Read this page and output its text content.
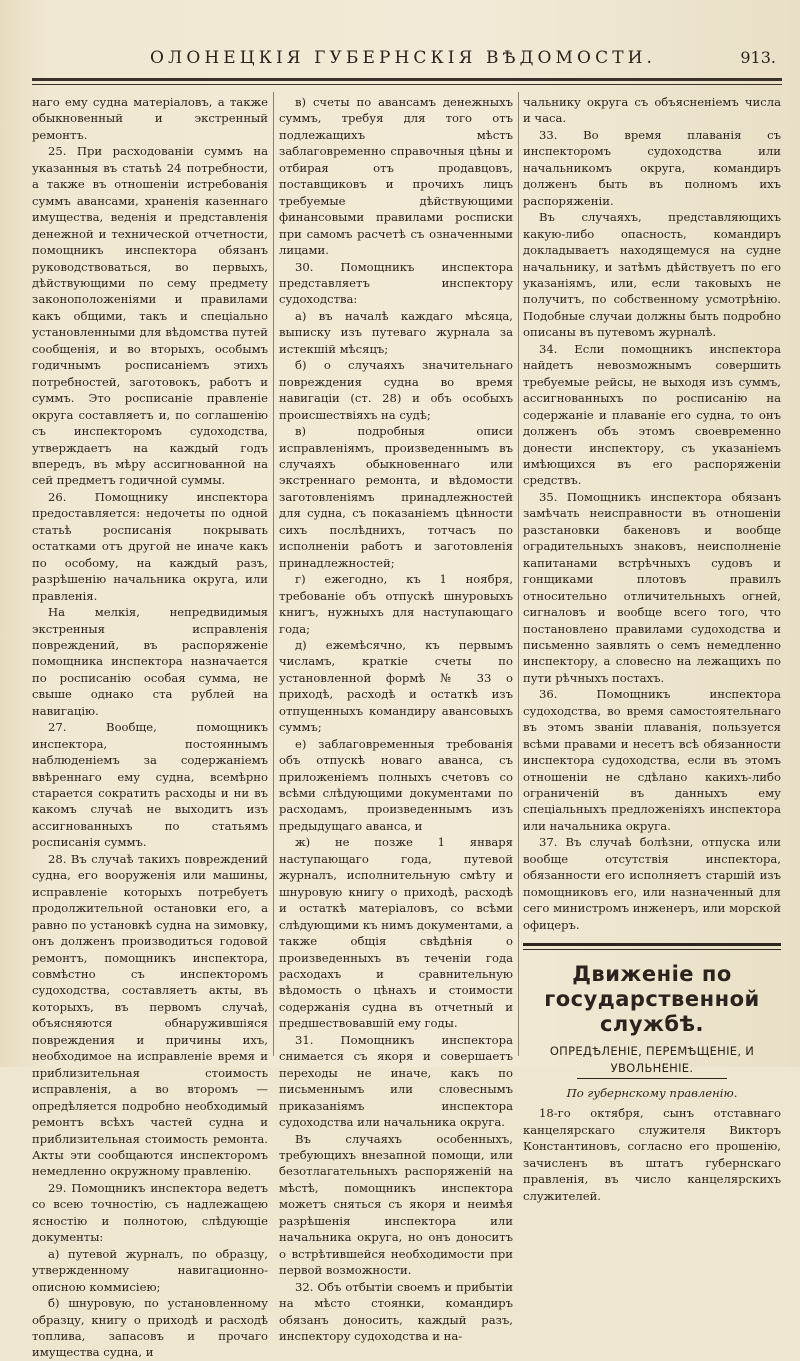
ОЛОНЕЦКIЯ ГУБЕРНСКIЯ ВѢДОМОСТИ.	913.

наго ему судна матерiаловъ, а также обыкновенный и экстренный ремонтъ.

25. При расходованiи суммъ на указанныя въ статьѣ 24 потребности, а также въ отношенiи истребованiя суммъ авансами, храненiя казеннаго имущества, веденiя и представленiя денежной и технической отчетности, помощникъ инспектора обязанъ руководствоваться, во первыхъ, дѣйствующими по сему предмету законоположенiями и правилами какъ общими, такъ и спецiально установленными для вѣдомства путей сообщенiя, и во вторыхъ, особымъ годичнымъ росписанiемъ этихъ потребностей, заготовокъ, работъ и суммъ. Это росписанiе правленiе округа составляетъ и, по соглашенiю съ инспекторомъ судоходства, утверждаетъ на каждый годъ впередъ, въ мѣру ассигнованной на сей предметъ годичной суммы.

26. Помощнику инспектора предоставляется: недочеты по одной статьѣ росписанiя покрывать остатками отъ другой не иначе какъ по особому, на каждый разъ, разрѣшенiю начальника округа, или правленiя.

На мелкiя, непредвидимыя экстренныя исправленiя повреждений, въ распоряженiе помощника инспектора назначается по росписанiю особая сумма, не свыше однако ста рублей на навигацiю.

27. Вообще, помощникъ инспектора, постояннымъ наблюденiемъ за содержанiемъ ввѣреннаго ему судна, всемѣрно старается сократить расходы и ни въ какомъ случаѣ не выходитъ изъ ассигнованныхъ по статьямъ росписанiя суммъ.

28. Въ случаѣ такихъ повреждений судна, его вооруженiя или машины, исправленiе которыхъ потребуетъ продолжительной остановки его, а равно по установкѣ судна на зимовку, онъ долженъ производиться годовой ремонтъ, помощникъ инспектора, совмѣстно съ инспекторомъ судоходства, составляетъ акты, въ которыхъ, въ первомъ случаѣ, объясняются обнаружившiяся повреждения и причины ихъ, необходимое на исправленiе время и приблизительная стоимость исправленiя, а во второмъ — опредѣляется подробно необходимый ремонтъ всѣхъ частей судна и приблизительная стоимость ремонта. Акты эти сообщаются инспекторомъ немедленно окружному правленiю.

29. Помощникъ инспектора ведетъ со всею точностiю, съ надлежащею ясностiю и полнотою, слѣдующiе документы:

а) путевой журналъ, по образцу, утвержденному навигационно-описною коммисiею;

б) шнуровую, по установленному образцу, книгу о приходѣ и расходѣ топлива, запасовъ и прочаго имущества судна, и

в) счеты по авансамъ денежныхъ суммъ, требуя для того отъ подлежащихъ мѣстъ заблаговременно справочныя цѣны и отбирая отъ продавцовъ, поставщиковъ и прочихъ лицъ требуемые дѣйствующими финансовыми правилами росписки при самомъ расчетѣ съ означенными лицами.

30. Помощникъ инспектора представляетъ инспектору судоходства:

а) въ началѣ каждаго мѣсяца, выписку изъ путеваго журнала за истекшiй мѣсяцъ;

б) о случаяхъ значительнаго повреждения судна во время навигацiи (ст. 28) и объ особыхъ происшествiяхъ на судѣ;

в) подробныя описи исправленiямъ, произведеннымъ въ случаяхъ обыкновеннаго или экстреннаго ремонта, и вѣдомости заготовленiямъ принадлежностей для судна, съ показанiемъ цѣнности сихъ послѣднихъ, тотчасъ по исполненiи работъ и заготовленiя принадлежностей;

г) ежегодно, къ 1 ноября, требованiе объ отпускѣ шнуровыхъ книгъ, нужныхъ для наступающаго года;

д) ежемѣсячно, къ первымъ числамъ, краткiе счеты по установленной формѣ № 33 о приходѣ, расходѣ и остаткѣ изъ отпущенныхъ командиру авансовыхъ суммъ;

е) заблаговременныя требованiя объ отпускѣ новаго аванса, съ приложенiемъ полныхъ счетовъ со всѣми слѣдующими документами по расходамъ, произведеннымъ изъ предыдущаго аванса, и

ж) не позже 1 января наступающаго года, путевой журналъ, исполнительную смѣту и шнуровую книгу о приходѣ, расходѣ и остаткѣ матерiаловъ, со всѣми слѣдующими къ нимъ документами, а также общiя свѣдѣнiя о произведенныхъ въ теченiи года расходахъ и сравнительную вѣдомость о цѣнахъ и стоимости содержанiя судна въ отчетный и предшествовавшiй ему годы.

31. Помощникъ инспектора снимается съ якоря и совершаетъ переходы не иначе, какъ по письменнымъ или словеснымъ приказанiямъ инспектора судоходства или начальника округа.

Въ случаяхъ особенныхъ, требующихъ внезапной помощи, или безотлагательныхъ распоряженiй на мѣстѣ, помощникъ инспектора можетъ сняться съ якоря и неимѣя разрѣшенiя инспектора или начальника округа, но онъ доноситъ о встрѣтившейся необходимости при первой возможности.

32. Объ отбытiи своемъ и прибытiи на мѣсто стоянки, командиръ обязанъ доносить, каждый разъ, инспектору судоходства и на-

чальнику округа съ объясненiемъ числа и часа.

33. Во время плаванiя съ инспекторомъ судоходства или начальникомъ округа, командиръ долженъ быть въ полномъ ихъ распоряженiи.

Въ случаяхъ, представляющихъ какую-либо опасность, командиръ докладываетъ находящемуся на судне начальнику, и затѣмъ дѣйствуетъ по его указанiямъ, или, если таковыхъ не получитъ, по собственному усмотрѣнiю. Подобные случаи должны быть подробно описаны въ путевомъ журналѣ.

34. Если помощникъ инспектора найдетъ невозможнымъ совершить требуемые рейсы, не выходя изъ суммъ, ассигнованныхъ по росписанiю на содержанiе и плаванiе его судна, то онъ долженъ объ этомъ своевременно донести инспектору, съ указанiемъ имѣющихся въ его распоряженiи средствъ.

35. Помощникъ инспектора обязанъ замѣчать неисправности въ отношенiи разстановки бакеновъ и вообще оградительныхъ знаковъ, неисполненiе капитанами встрѣчныхъ судовъ и гонщиками плотовъ правилъ относительно отличительныхъ огней, сигналовъ и вообще всего того, что постановлено правилами судоходства и письменно заявлять о семъ немедленно инспектору, а словесно на лежащихъ по пути рѣчныхъ постахъ.

36. Помощникъ инспектора судоходства, во время самостоятельнаго въ этомъ званiи плаванiя, пользуется всѣми правами и несетъ всѣ обязанности инспектора судоходства, если въ этомъ отношенiи не сдѣлано какихъ-либо ограниченiй въ данныхъ ему спецiальныхъ предложенiяхъ инспектора или начальника округа.

37. Въ случаѣ болѣзни, отпуска или вообще отсутствiя инспектора, обязанности его исполняетъ старшiй изъ помощниковъ его, или назначенный для сего министромъ инженеръ, или морской офицеръ.

Движенiе по государственной службѣ.
ОПРЕДѢЛЕНIЕ, ПЕРЕМѢЩЕНIЕ, И УВОЛЬНЕНIЕ.

По губернскому правленiю.

18-го октября, сынъ отставнаго канцелярскаго служителя Викторъ Константиновъ, согласно его прошенiю, зачисленъ въ штатъ губернскаго правленiя, въ число канцелярскихъ служителей.
